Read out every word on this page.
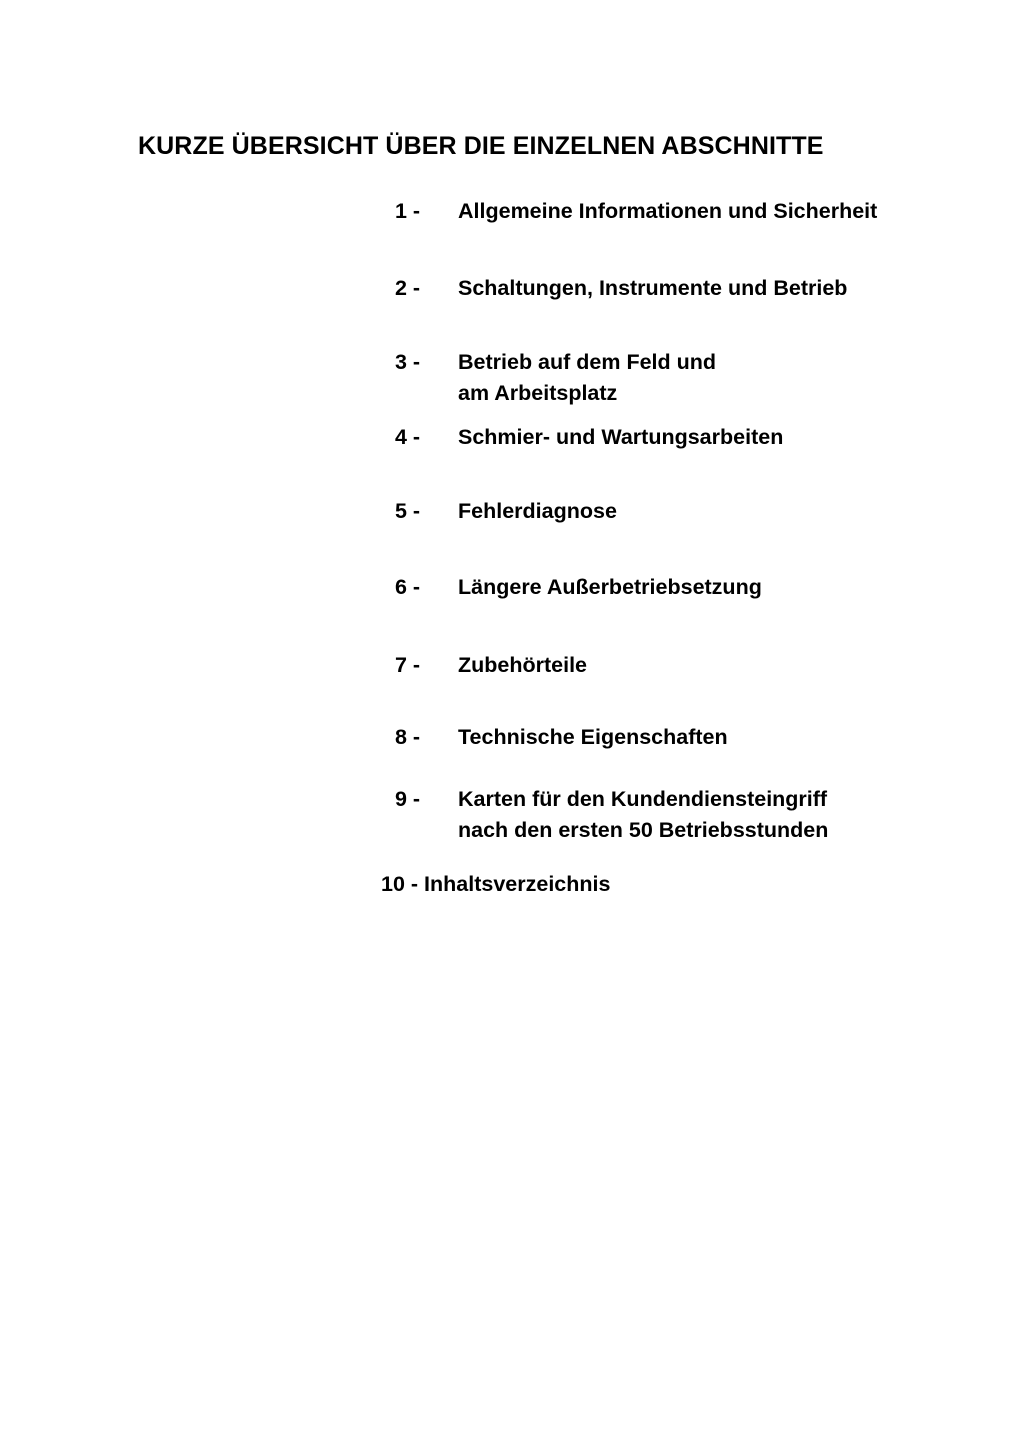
KURZE ÜBERSICHT ÜBER DIE EINZELNEN ABSCHNITTE
1 - Allgemeine Informationen und Sicherheit
2 - Schaltungen, Instrumente und Betrieb
3 - Betrieb auf dem Feld und
am Arbeitsplatz
4 - Schmier- und Wartungsarbeiten
5 - Fehlerdiagnose
6 - Längere Außerbetriebsetzung
7 - Zubehörteile
8 - Technische Eigenschaften
9 - Karten für den Kundendiensteingriff
nach den ersten 50 Betriebsstunden
10 - Inhaltsverzeichnis
